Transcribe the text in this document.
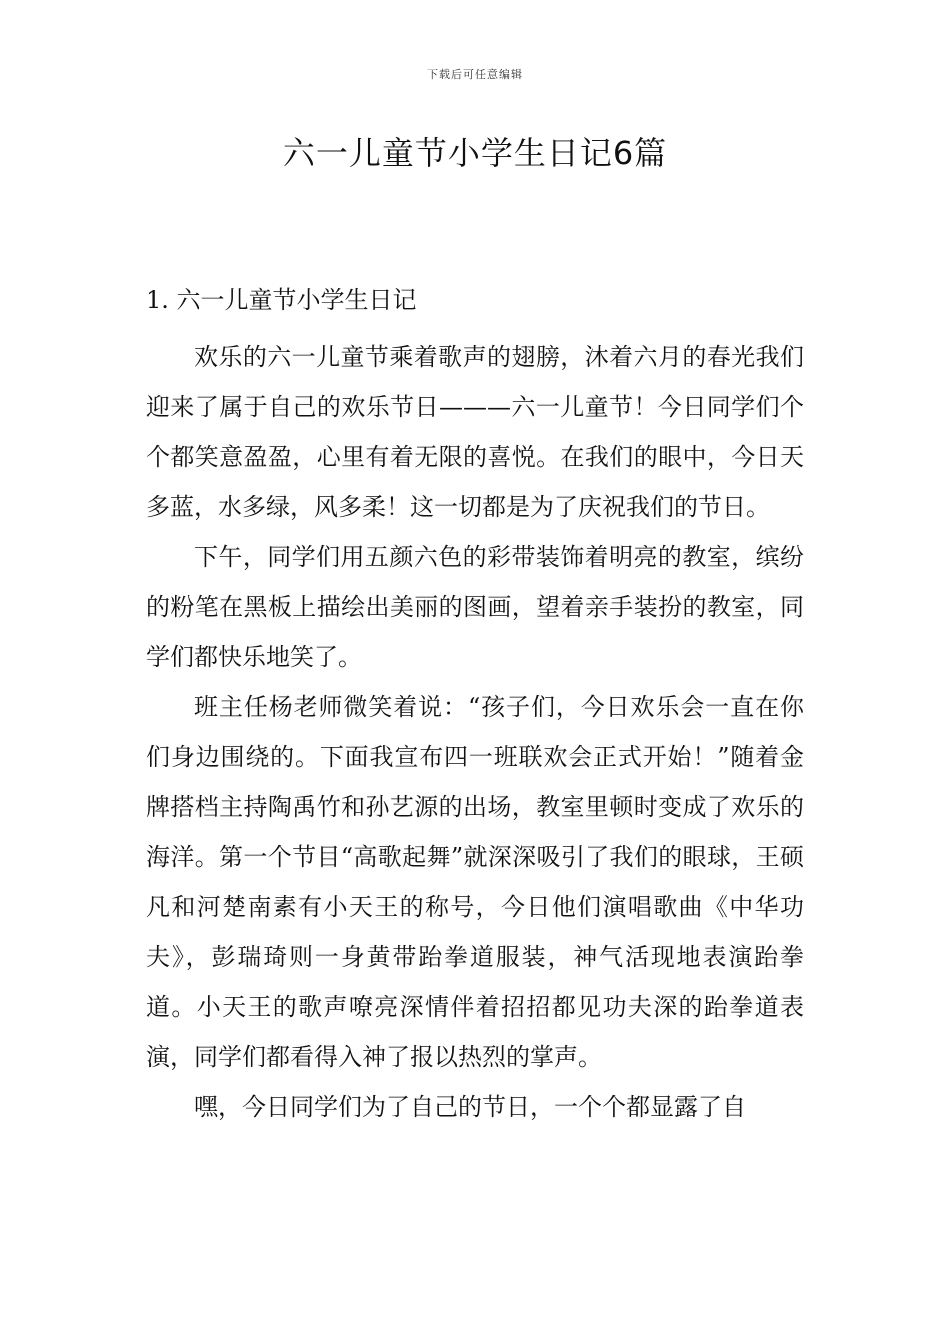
下载后可任意编辑
六一儿童节小学生日记6篇
1. 六一儿童节小学生日记

欢乐的六一儿童节乘着歌声的翅膀，沐着六月的春光我们迎来了属于自己的欢乐节日———六一儿童节！今日同学们个个都笑意盈盈，心里有着无限的喜悦。在我们的眼中，今日天多蓝，水多绿，风多柔！这一切都是为了庆祝我们的节日。

下午，同学们用五颜六色的彩带装饰着明亮的教室，缤纷的粉笔在黑板上描绘出美丽的图画，望着亲手装扮的教室，同学们都快乐地笑了。

班主任杨老师微笑着说：“孩子们，今日欢乐会一直在你们身边围绕的。下面我宣布四一班联欢会正式开始！”随着金牌搭档主持陶禹竹和孙艺源的出场，教室里顿时变成了欢乐的海洋。第一个节目“高歌起舞”就深深吸引了我们的眼球，王硕凡和河楚南素有小天王的称号，今日他们演唱歌曲《中华功夫》，彭瑞琦则一身黄带跆拳道服装，神气活现地表演跆拳道。小天王的歌声嘹亮深情伴着招招都见功夫深的跆拳道表演，同学们都看得入神了报以热烈的掌声。

嘿，今日同学们为了自己的节日，一个个都显露了自
